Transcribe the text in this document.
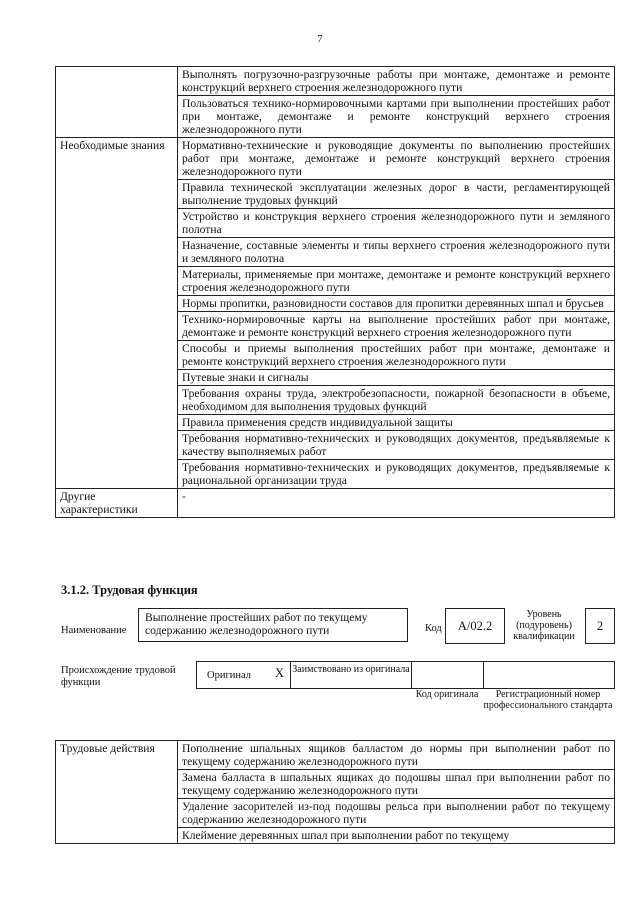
7
	Выполнять погрузочно-разгрузочные работы при монтаже, демонтаже и ремонте конструкций верхнего строения железнодорожного пути
	Пользоваться технико-нормировочными картами при выполнении простейших работ при монтаже, демонтаже и ремонте конструкций верхнего строения железнодорожного пути
Необходимые знания	Нормативно-технические и руководящие документы по выполнению простейших работ при монтаже, демонтаже и ремонте конструкций верхнего строения железнодорожного пути
	Правила технической эксплуатации железных дорог в части, регламентирующей выполнение трудовых функций
	Устройство и конструкция верхнего строения железнодорожного пути и земляного полотна
	Назначение, составные элементы и типы верхнего строения железнодорожного пути и земляного полотна
	Материалы, применяемые при монтаже, демонтаже и ремонте конструкций верхнего строения железнодорожного пути
	Нормы пропитки, разновидности составов для пропитки деревянных шпал и брусьев
	Технико-нормировочные карты на выполнение простейших работ при монтаже, демонтаже и ремонте конструкций верхнего строения железнодорожного пути
	Способы и приемы выполнения простейших работ при монтаже, демонтаже и ремонте конструкций верхнего строения железнодорожного пути
	Путевые знаки и сигналы
	Требования охраны труда, электробезопасности, пожарной безопасности в объеме, необходимом для выполнения трудовых функций
	Правила применения средств индивидуальной защиты
	Требования нормативно-технических и руководящих документов, предъявляемые к качеству выполняемых работ
	Требования нормативно-технических и руководящих документов, предъявляемые к рациональной организации труда
Другие характеристики	-
3.1.2. Трудовая функция
Наименование
Выполнение простейших работ по текущему содержанию железнодорожного пути	Код	А/02.2
Уровень (подуровень) квалификации
2
Происхождение трудовой функции
Оригинал X Заимствовано из оригинала
Код оригинала	Регистрационный номер профессионального стандарта
Трудовые действия	Пополнение шпальных ящиков балластом до нормы при выполнении работ по текущему содержанию железнодорожного пути
Замена балласта в шпальных ящиках до подошвы шпал при выполнении работ по текущему содержанию железнодорожного пути
Удаление засорителей из-под подошвы рельса при выполнении работ по текущему содержанию железнодорожного пути
Клеймение деревянных шпал при выполнении работ по текущему
